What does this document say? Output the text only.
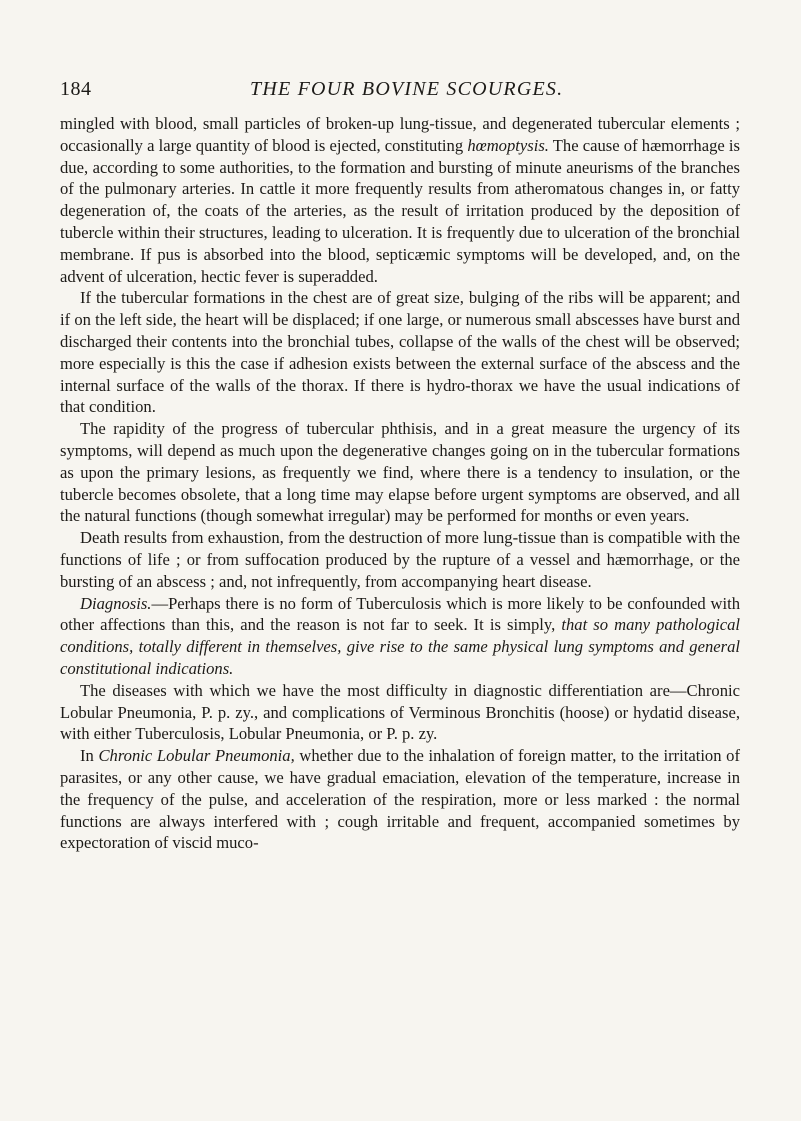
184	THE FOUR BOVINE SCOURGES.

mingled with blood, small particles of broken-up lung-tissue, and degenerated tubercular elements ; occasionally a large quantity of blood is ejected, constituting hœmoptysis. The cause of hæmorrhage is due, according to some authorities, to the formation and bursting of minute aneurisms of the branches of the pulmonary arteries. In cattle it more frequently results from atheromatous changes in, or fatty degeneration of, the coats of the arteries, as the result of irritation produced by the deposition of tubercle within their structures, leading to ulceration. It is frequently due to ulceration of the bronchial membrane. If pus is absorbed into the blood, septicæmic symptoms will be developed, and, on the advent of ulceration, hectic fever is superadded.

If the tubercular formations in the chest are of great size, bulging of the ribs will be apparent; and if on the left side, the heart will be displaced; if one large, or numerous small abscesses have burst and discharged their contents into the bronchial tubes, collapse of the walls of the chest will be observed; more especially is this the case if adhesion exists between the external surface of the abscess and the internal surface of the walls of the thorax. If there is hydro-thorax we have the usual indications of that condition.

The rapidity of the progress of tubercular phthisis, and in a great measure the urgency of its symptoms, will depend as much upon the degenerative changes going on in the tubercular formations as upon the primary lesions, as frequently we find, where there is a tendency to insulation, or the tubercle becomes obsolete, that a long time may elapse before urgent symptoms are observed, and all the natural functions (though somewhat irregular) may be performed for months or even years.

Death results from exhaustion, from the destruction of more lung-tissue than is compatible with the functions of life ; or from suffocation produced by the rupture of a vessel and hæmorrhage, or the bursting of an abscess ; and, not infrequently, from accompanying heart disease.

Diagnosis.—Perhaps there is no form of Tuberculosis which is more likely to be confounded with other affections than this, and the reason is not far to seek. It is simply, that so many pathological conditions, totally different in themselves, give rise to the same physical lung symptoms and general constitutional indications.

The diseases with which we have the most difficulty in diagnostic differentiation are—Chronic Lobular Pneumonia, P. p. zy., and complications of Verminous Bronchitis (hoose) or hydatid disease, with either Tuberculosis, Lobular Pneumonia, or P. p. zy.

In Chronic Lobular Pneumonia, whether due to the inhalation of foreign matter, to the irritation of parasites, or any other cause, we have gradual emaciation, elevation of the temperature, increase in the frequency of the pulse, and acceleration of the respiration, more or less marked : the normal functions are always interfered with ; cough irritable and frequent, accompanied sometimes by expectoration of viscid muco-
